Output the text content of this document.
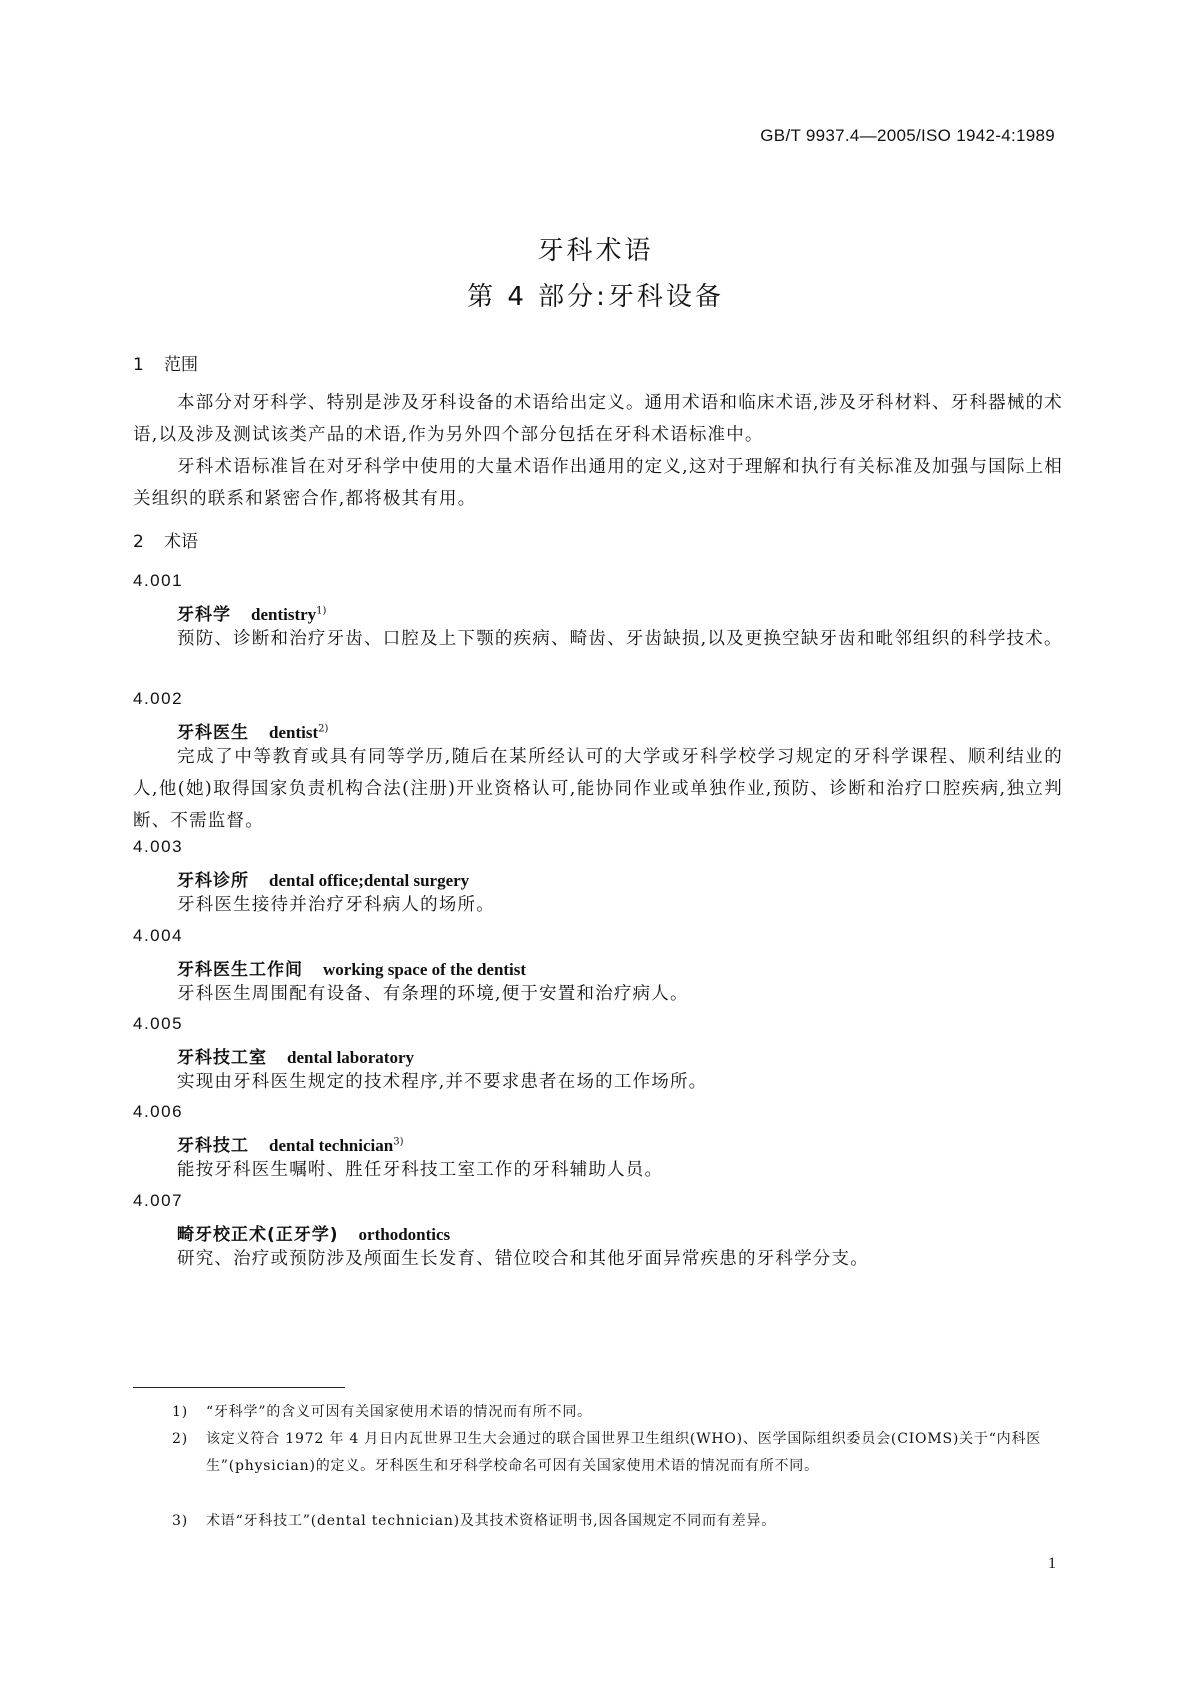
GB/T 9937.4—2005/ISO 1942-4:1989
牙科术语
第 4 部分:牙科设备
1 范围
本部分对牙科学、特别是涉及牙科设备的术语给出定义。通用术语和临床术语,涉及牙科材料、牙科器械的术语,以及涉及测试该类产品的术语,作为另外四个部分包括在牙科术语标准中。
牙科术语标准旨在对牙科学中使用的大量术语作出通用的定义,这对于理解和执行有关标准及加强与国际上相关组织的联系和紧密合作,都将极其有用。
2 术语
4.001
牙科学 dentistry$^{1)}$
预防、诊断和治疗牙齿、口腔及上下颚的疾病、畸齿、牙齿缺损,以及更换空缺牙齿和毗邻组织的科学技术。
4.002
牙科医生 dentist$^{2)}$
完成了中等教育或具有同等学历,随后在某所经认可的大学或牙科学校学习规定的牙科学课程、顺利结业的人,他(她)取得国家负责机构合法(注册)开业资格认可,能协同作业或单独作业,预防、诊断和治疗口腔疾病,独立判断、不需监督。
4.003
牙科诊所 dental office;dental surgery
牙科医生接待并治疗牙科病人的场所。
4.004
牙科医生工作间 working space of the dentist
牙科医生周围配有设备、有条理的环境,便于安置和治疗病人。
4.005
牙科技工室 dental laboratory
实现由牙科医生规定的技术程序,并不要求患者在场的工作场所。
4.006
牙科技工 dental technician$^{3)}$
能按牙科医生嘱咐、胜任牙科技工室工作的牙科辅助人员。
4.007
畸牙校正术(正牙学) orthodontics
研究、治疗或预防涉及颅面生长发育、错位咬合和其他牙面异常疾患的牙科学分支。
1) “牙科学”的含义可因有关国家使用术语的情况而有所不同。
2) 该定义符合 1972 年 4 月日内瓦世界卫生大会通过的联合国世界卫生组织(WHO)、医学国际组织委员会(CIOMS)关于“内科医生”(physician)的定义。牙科医生和牙科学校命名可因有关国家使用术语的情况而有所不同。
3) 术语“牙科技工”(dental technician)及其技术资格证明书,因各国规定不同而有差异。
1
